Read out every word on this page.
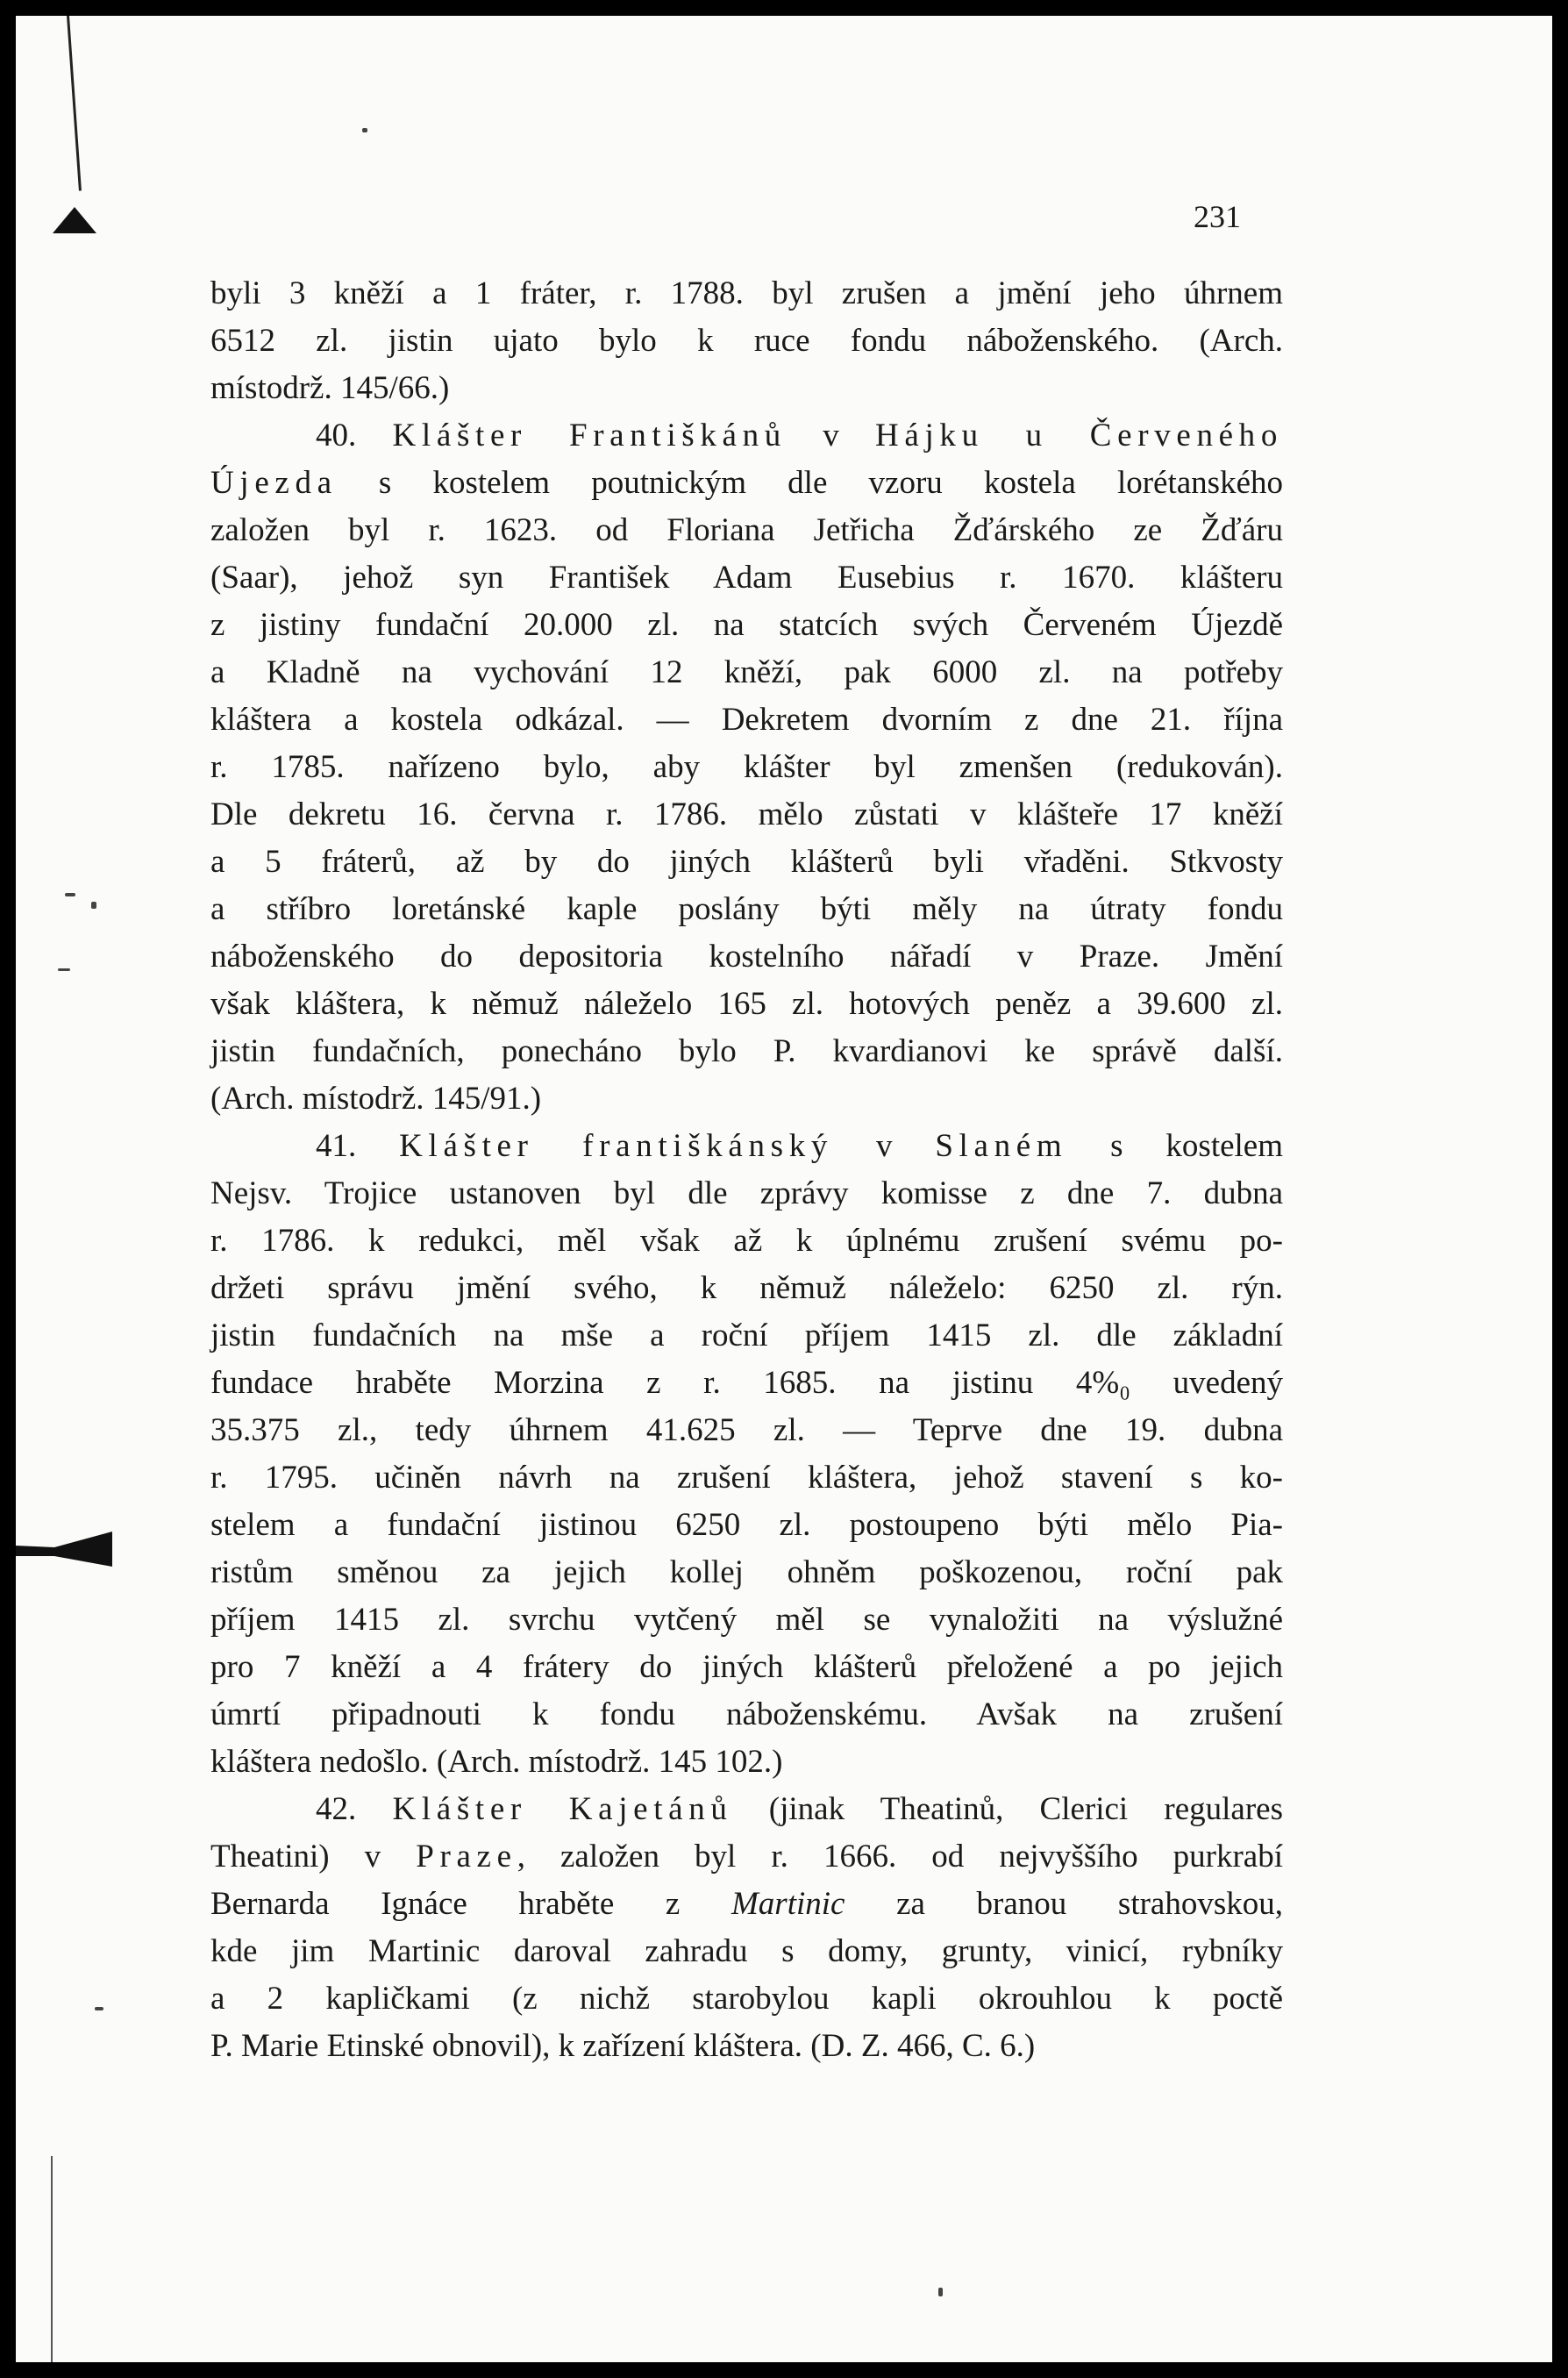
231
byli 3 kněží a 1 fráter, r. 1788. byl zrušen a jmění jeho úhrnem
6512 zl. jistin ujato bylo k ruce fondu náboženského. (Arch.
místodrž. 145/66.)
40. Klášter Františkánů v Hájku u Červeného
Újezda s kostelem poutnickým dle vzoru kostela lorétanského
založen byl r. 1623. od Floriana Jetřicha Žďárského ze Žďáru
(Saar), jehož syn František Adam Eusebius r. 1670. klášteru
z jistiny fundační 20.000 zl. na statcích svých Červeném Újezdě
a Kladně na vychování 12 kněží, pak 6000 zl. na potřeby
kláštera a kostela odkázal. — Dekretem dvorním z dne 21. října
r. 1785. nařízeno bylo, aby klášter byl zmenšen (redukován).
Dle dekretu 16. června r. 1786. mělo zůstati v klášteře 17 kněží
a 5 fráterů, až by do jiných klášterů byli vřaděni. Stkvosty
a stříbro loretánské kaple poslány býti měly na útraty fondu
náboženského do depositoria kostelního nářadí v Praze. Jmění
však kláštera, k němuž náleželo 165 zl. hotových peněz a 39.600 zl.
jistin fundačních, ponecháno bylo P. kvardianovi ke správě další.
(Arch. místodrž. 145/91.)
41. Klášter františkánský v Slaném s kostelem
Nejsv. Trojice ustanoven byl dle zprávy komisse z dne 7. dubna
r. 1786. k redukci, měl však až k úplnému zrušení svému po-
držeti správu jmění svého, k němuž náleželo: 6250 zl. rýn.
jistin fundačních na mše a roční příjem 1415 zl. dle základní
fundace hraběte Morzina z r. 1685. na jistinu 4%₀ uvedený
35.375 zl., tedy úhrnem 41.625 zl. — Teprve dne 19. dubna
r. 1795. učiněn návrh na zrušení kláštera, jehož stavení s ko-
stelem a fundační jistinou 6250 zl. postoupeno býti mělo Pia-
ristům směnou za jejich kollej ohněm poškozenou, roční pak
příjem 1415 zl. svrchu vytčený měl se vynaložiti na výslužné
pro 7 kněží a 4 frátery do jiných klášterů přeložené a po jejich
úmrtí připadnouti k fondu náboženskému. Avšak na zrušení
kláštera nedošlo. (Arch. místodrž. 145 102.)
42. Klášter Kajetánů (jinak Theatinů, Clerici regulares
Theatini) v Praze, založen byl r. 1666. od nejvyššího purkrabí
Bernarda Ignáce hraběte z Martinic za branou strahovskou,
kde jim Martinic daroval zahradu s domy, grunty, vinicí, rybníky
a 2 kapličkami (z nichž starobylou kapli okrouhlou k poctě
P. Marie Etinské obnovil), k zařízení kláštera. (D. Z. 466, C. 6.)
